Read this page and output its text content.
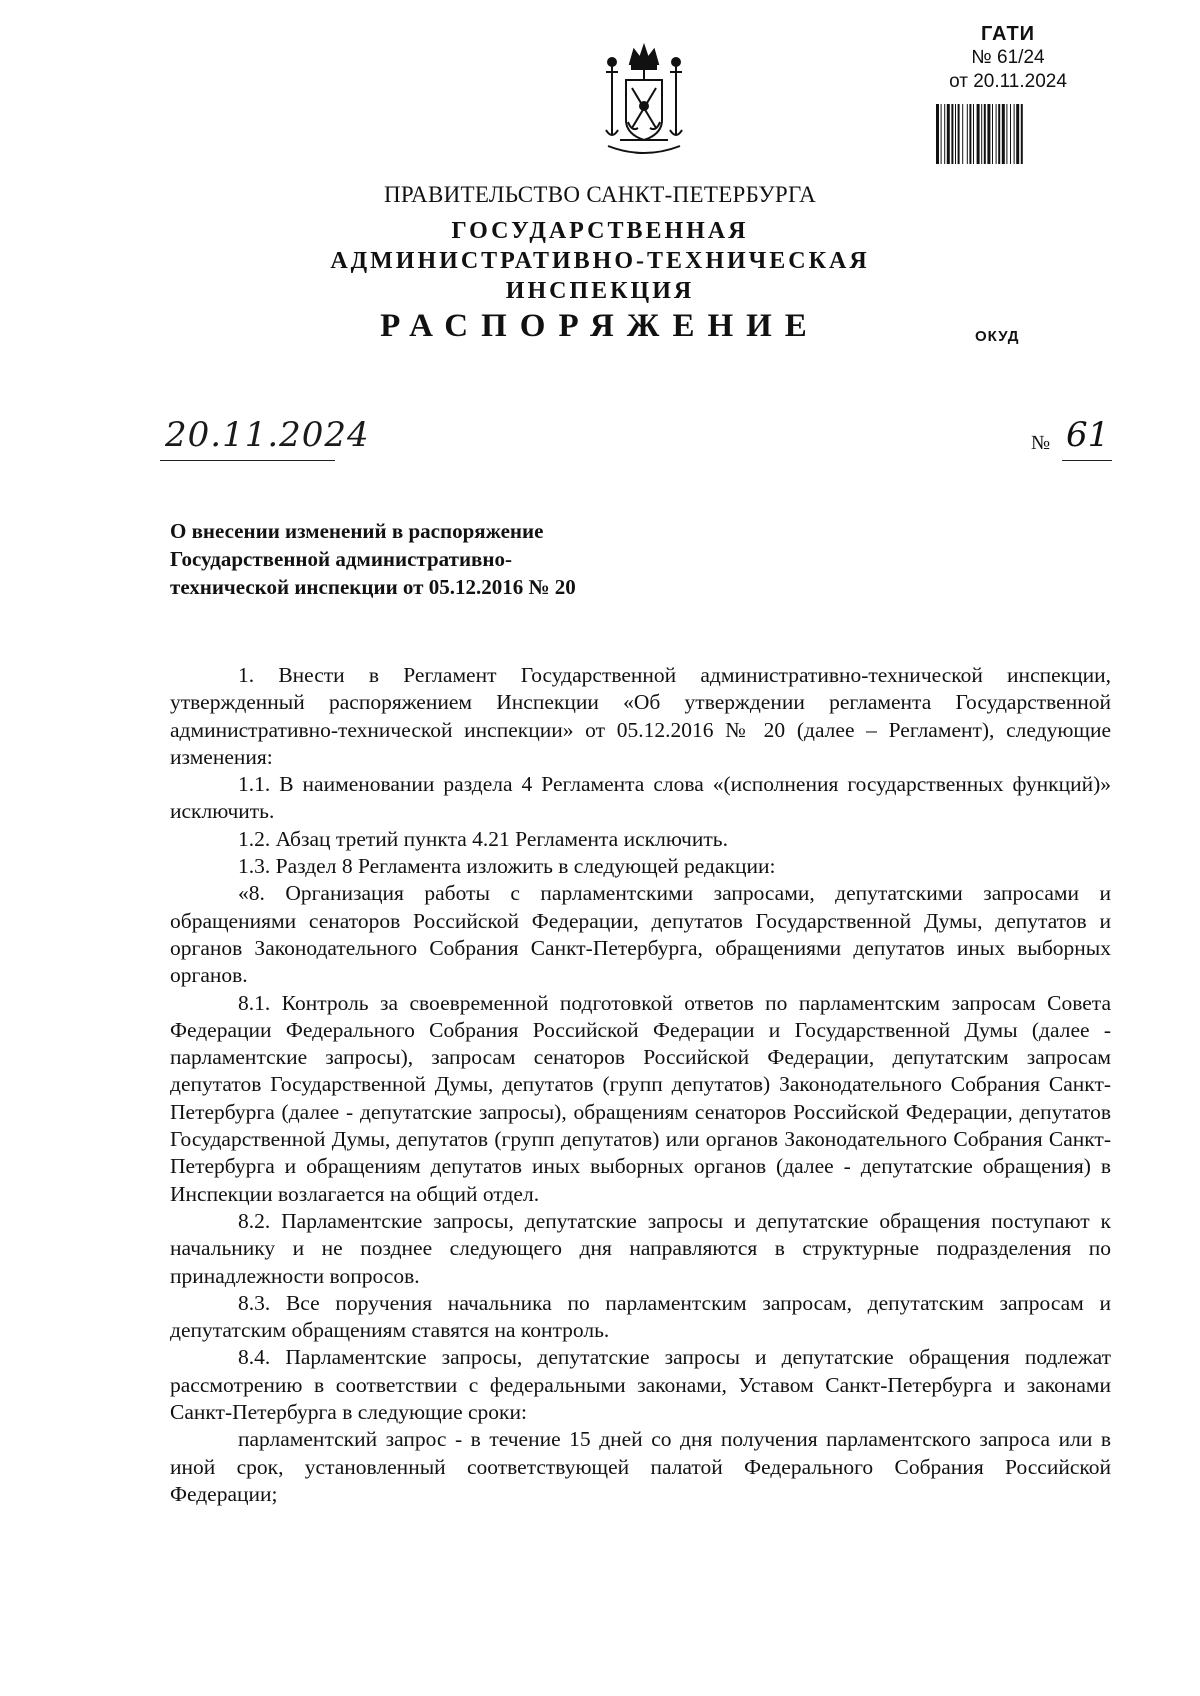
ГАТИ
№ 61/24
от 20.11.2024
ПРАВИТЕЛЬСТВО САНКТ-ПЕТЕРБУРГА
ГОСУДАРСТВЕННАЯ
АДМИНИСТРАТИВНО-ТЕХНИЧЕСКАЯ
ИНСПЕКЦИЯ
РАСПОРЯЖЕНИЕ	ОКУД
20.11.2024	№ 61
О внесении изменений в распоряжение
Государственной административно-
технической инспекции от 05.12.2016 № 20

1. Внести в Регламент Государственной административно-технической инспекции, утвержденный распоряжением Инспекции «Об утверждении регламента Государственной административно-технической инспекции» от 05.12.2016 № 20 (далее – Регламент), следующие изменения:

1.1. В наименовании раздела 4 Регламента слова «(исполнения государственных функций)» исключить.

1.2. Абзац третий пункта 4.21 Регламента исключить.

1.3. Раздел 8 Регламента изложить в следующей редакции:

«8. Организация работы с парламентскими запросами, депутатскими запросами и обращениями сенаторов Российской Федерации, депутатов Государственной Думы, депутатов и органов Законодательного Собрания Санкт-Петербурга, обращениями депутатов иных выборных органов.

8.1. Контроль за своевременной подготовкой ответов по парламентским запросам Совета Федерации Федерального Собрания Российской Федерации и Государственной Думы (далее - парламентские запросы), запросам сенаторов Российской Федерации, депутатским запросам депутатов Государственной Думы, депутатов (групп депутатов) Законодательного Собрания Санкт-Петербурга (далее - депутатские запросы), обращениям сенаторов Российской Федерации, депутатов Государственной Думы, депутатов (групп депутатов) или органов Законодательного Собрания Санкт-Петербурга и обращениям депутатов иных выборных органов (далее - депутатские обращения) в Инспекции возлагается на общий отдел.

8.2. Парламентские запросы, депутатские запросы и депутатские обращения поступают к начальнику и не позднее следующего дня направляются в структурные подразделения по принадлежности вопросов.

8.3. Все поручения начальника по парламентским запросам, депутатским запросам и депутатским обращениям ставятся на контроль.

8.4. Парламентские запросы, депутатские запросы и депутатские обращения подлежат рассмотрению в соответствии с федеральными законами, Уставом Санкт-Петербурга и законами Санкт-Петербурга в следующие сроки:

парламентский запрос - в течение 15 дней со дня получения парламентского запроса или в иной срок, установленный соответствующей палатой Федерального Собрания Российской Федерации;
